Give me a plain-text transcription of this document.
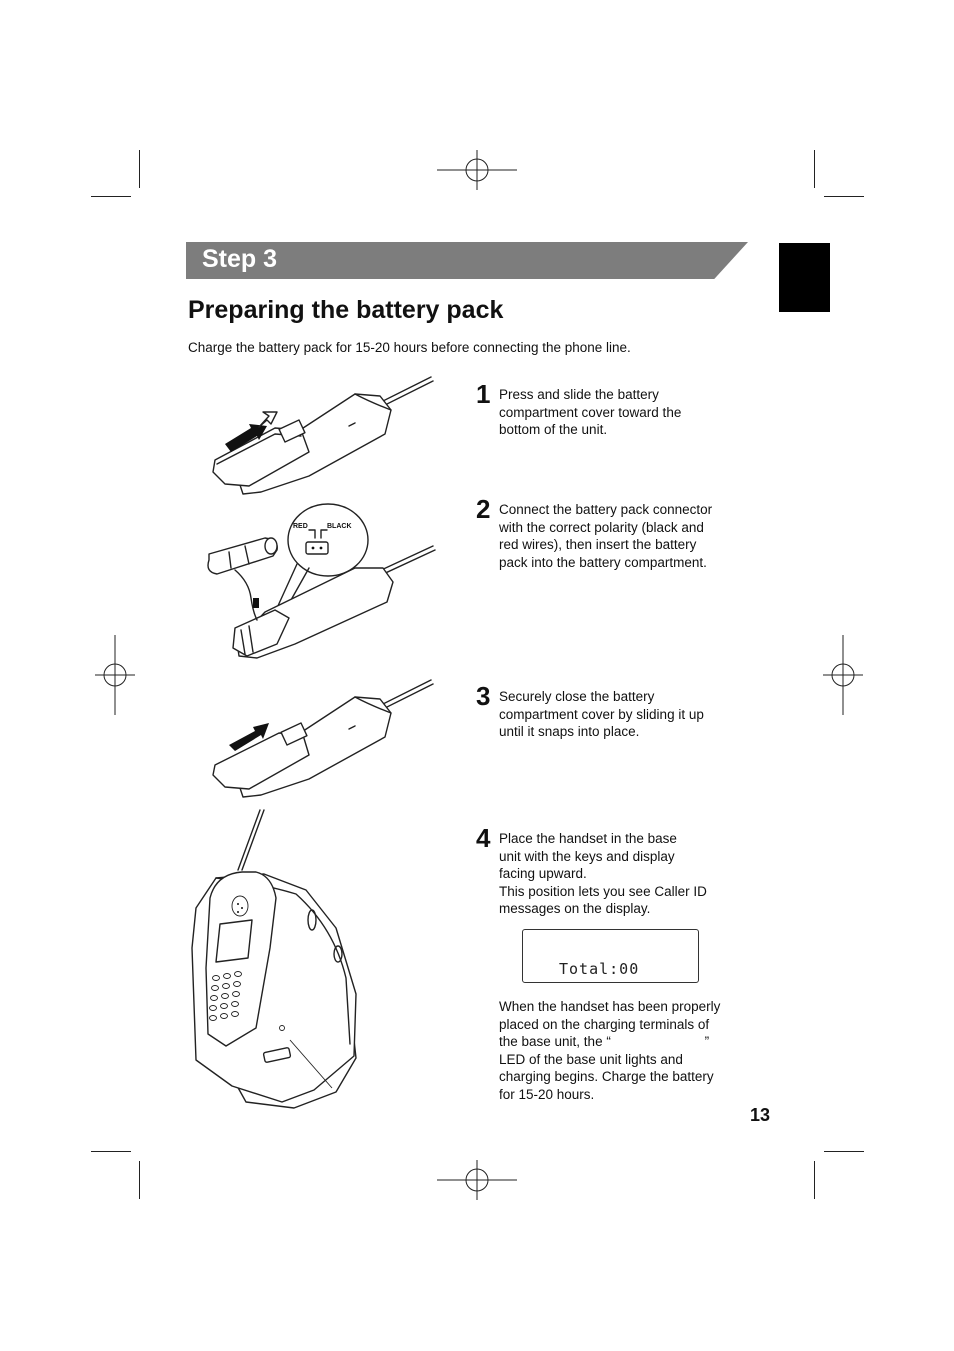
Step 3
Preparing the battery pack
Charge the battery pack for 15-20 hours before connecting the phone line.
RED	BLACK
1 Press and slide the battery
compartment cover toward the
bottom of the unit.
2 Connect the battery pack connector
with the correct polarity (black and
red wires), then insert the battery
pack into the battery compartment.
3 Securely close the battery
compartment cover by sliding it up
until it snaps into place.
4 Place the handset in the base
unit with the keys and display
facing upward.
This position lets you see Caller ID
messages on the display.
Total:00
When the handset has been properly
placed on the charging terminals of
the base unit, the “                         ”
LED of the base unit lights and
charging begins. Charge the battery
for 15-20 hours.
13
